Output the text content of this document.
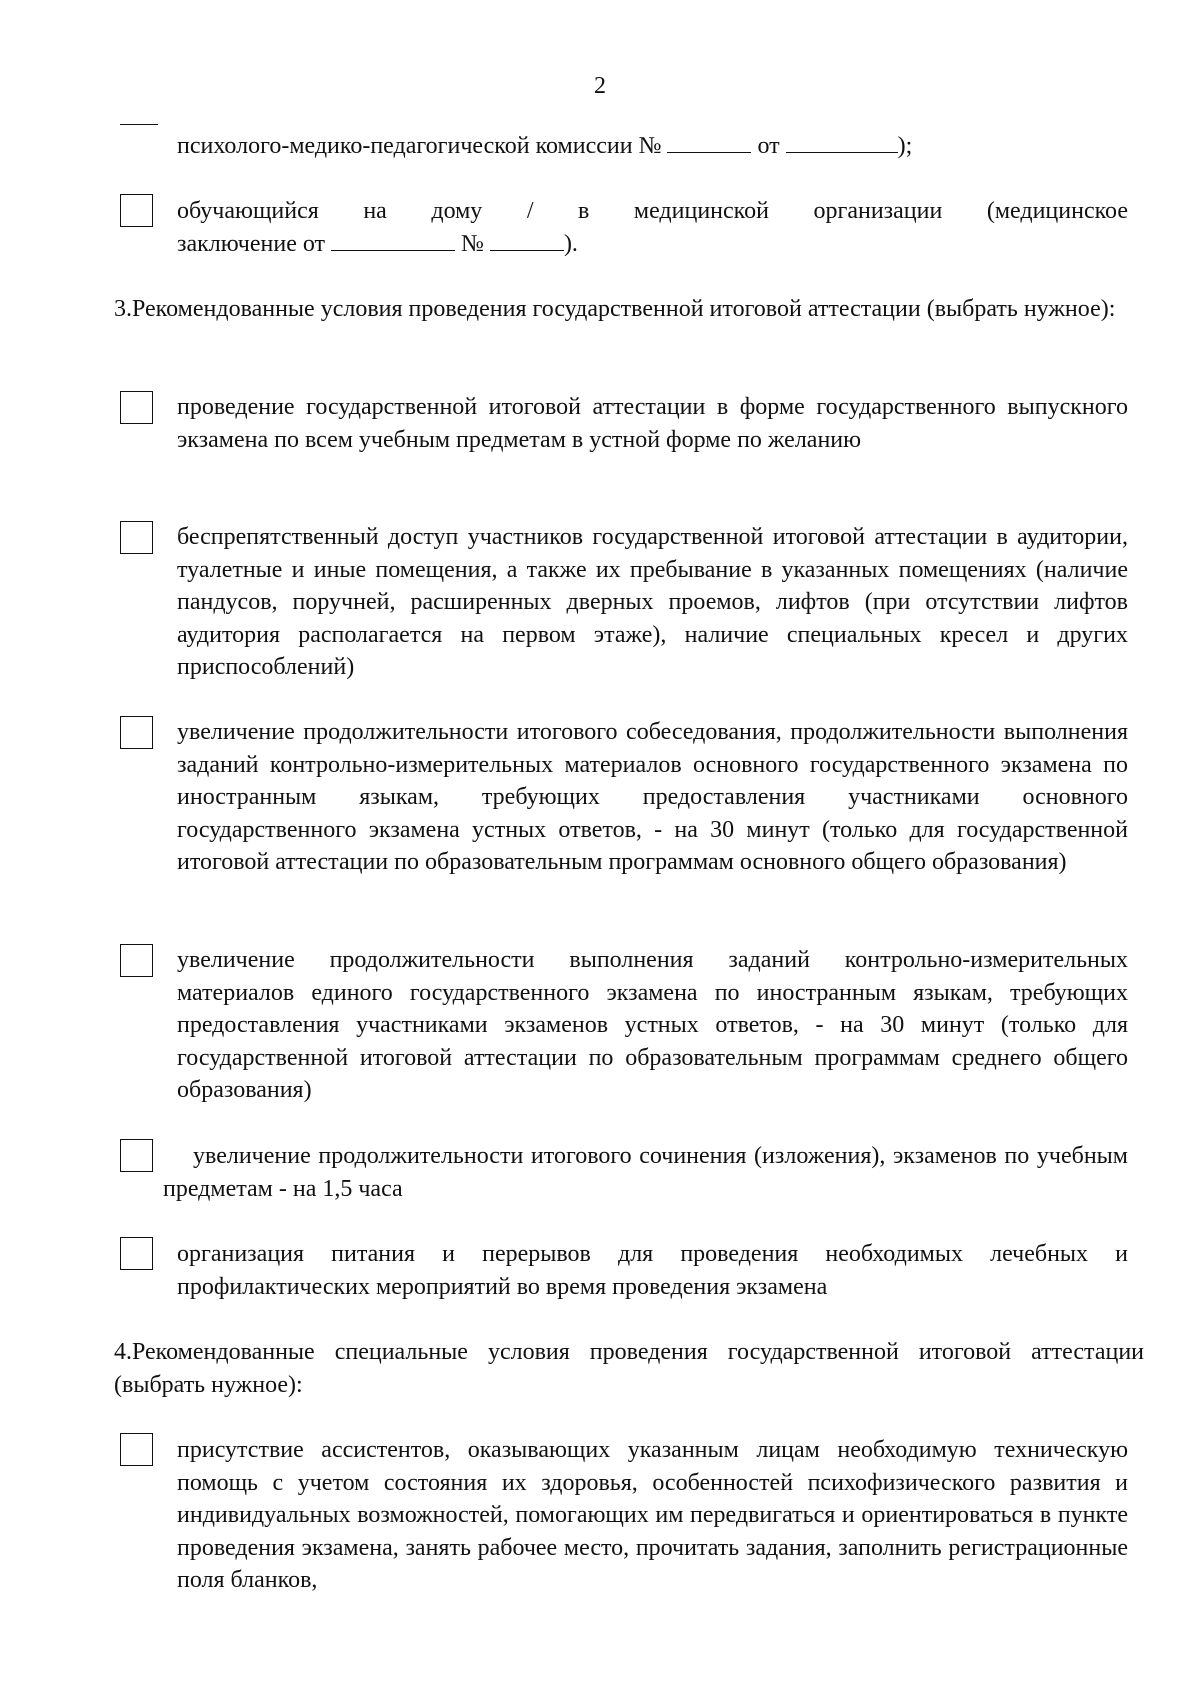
2
психолого-медико-педагогической комиссии №	от	);
обучающийся на дому / в медицинской организации (медицинское
заключение от	№	).
3.Рекомендованные условия проведения государственной итоговой аттестации (выбрать нужное):
проведение государственной итоговой аттестации в форме государственного выпускного экзамена по всем учебным предметам в устной форме по желанию
беспрепятственный доступ участников государственной итоговой аттестации в аудитории, туалетные и иные помещения, а также их пребывание в указанных помещениях (наличие пандусов, поручней, расширенных дверных проемов, лифтов (при отсутствии лифтов аудитория располагается на первом этаже), наличие специальных кресел и других приспособлений)
увеличение продолжительности итогового собеседования, продолжительности выполнения заданий контрольно-измерительных материалов основного государственного экзамена по иностранным языкам, требующих предоставления участниками основного государственного экзамена устных ответов, - на 30 минут (только для государственной итоговой аттестации по образовательным программам основного общего образования)
увеличение продолжительности выполнения заданий контрольно-измерительных материалов единого государственного экзамена по иностранным языкам, требующих предоставления участниками экзаменов устных ответов, - на 30 минут (только для государственной итоговой аттестации по образовательным программам среднего общего образования)
увеличение продолжительности итогового сочинения (изложения), экзаменов по учебным предметам - на 1,5 часа
организация питания и перерывов для проведения необходимых лечебных и профилактических мероприятий во время проведения экзамена
4.Рекомендованные специальные условия проведения государственной итоговой аттестации (выбрать нужное):
присутствие ассистентов, оказывающих указанным лицам необходимую техническую помощь с учетом состояния их здоровья, особенностей психофизического развития и индивидуальных возможностей, помогающих им передвигаться и ориентироваться в пункте проведения экзамена, занять рабочее место, прочитать задания, заполнить регистрационные поля бланков,
